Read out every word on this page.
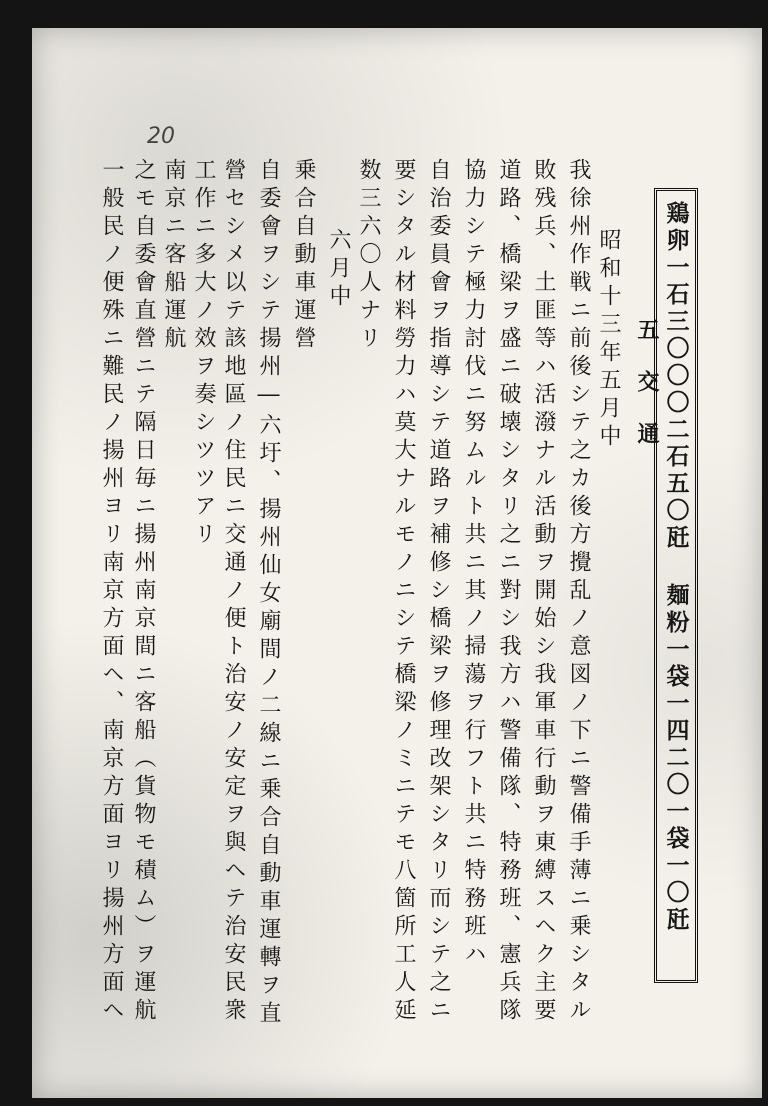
20
鶏卵一石三〇〇〇二石五〇瓩 麺粉一袋一四二〇一袋一〇瓩
五交通
昭和十三年五月中
我徐州作戦ニ前後シテ之カ後方攪乱ノ意図ノ下ニ警備手薄ニ乗シタル
敗残兵、土匪等ハ活潑ナル活動ヲ開始シ我軍車行動ヲ東縛スヘク主要
道路、橋梁ヲ盛ニ破壊シタリ之ニ對シ我方ハ警備隊、特務班、憲兵隊
協力シテ極力討伐ニ努ムルト共ニ其ノ掃蕩ヲ行フト共ニ特務班ハ
自治委員會ヲ指導シテ道路ヲ補修シ橋梁ヲ修理改架シタリ而シテ之ニ
要シタル材料勞力ハ莫大ナルモノニシテ橋梁ノミニテモ八箇所工人延
数三六〇人ナリ
六月中
乗合自動車運營
自委會ヲシテ揚州―六圩、揚州仙女廟間ノ二線ニ乗合自動車運轉ヲ直
營セシメ以テ該地區ノ住民ニ交通ノ便ト治安ノ安定ヲ與ヘテ治安民衆
工作ニ多大ノ效ヲ奏シツツアリ
南京ニ客船運航
之モ自委會直營ニテ隔日毎ニ揚州南京間ニ客船（貨物モ積ム）ヲ運航
一般民ノ便殊ニ難民ノ揚州ヨリ南京方面ヘ、南京方面ヨリ揚州方面ヘ
